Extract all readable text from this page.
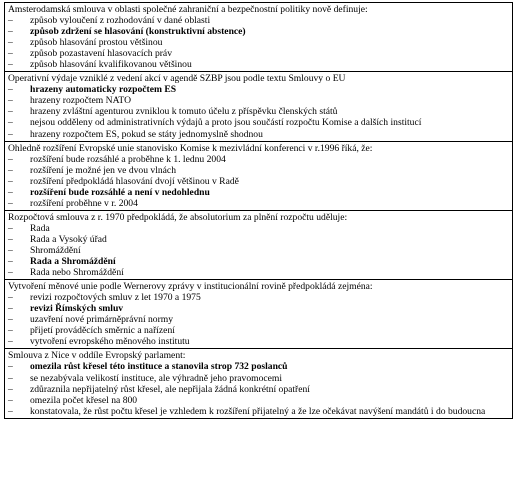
Amsterodamská smlouva v oblasti společné zahraniční a bezpečnostní politiky nově definuje:
– způsob vyloučení z rozhodování v dané oblasti
– způsob zdržení se hlasování (konstruktivní abstence)
– způsob hlasování prostou většinou
– způsob pozastavení hlasovacích práv
– způsob hlasování kvalifikovanou většinou

Operativní výdaje vzniklé z vedení akcí v agendě SZBP jsou podle textu Smlouvy o EU
– hrazeny automaticky rozpočtem ES
– hrazeny rozpočtem NATO
– hrazeny zvláštní agenturou zvniklou k tomuto účelu z příspěvku členských států
– nejsou odděleny od administrativních výdajů a proto jsou součástí rozpočtu Komise a dalších institucí
– hrazeny rozpočtem ES, pokud se státy jednomyslně shodnou

Ohledně rozšíření Evropské unie stanovisko Komise k mezivládní konferenci v r.1996 říká, že:
– rozšíření bude rozsáhlé a proběhne k 1. lednu 2004
– rozšíření je možné jen ve dvou vlnách
– rozšíření předpokládá hlasování dvojí většinou v Radě
– rozšíření bude rozsáhlé a není v nedohlednu
– rozšíření proběhne v r. 2004

Rozpočtová smlouva z r. 1970 předpokládá, že absolutorium za plnění rozpočtu uděluje:
– Rada
– Rada a Vysoký úřad
– Shromáždění
– Rada a Shromáždění
– Rada nebo Shromáždění

Vytvoření měnové unie podle Wernerovy zprávy v institucionální rovině předpokládá zejména:
– revizi rozpočtových smluv z let 1970 a 1975
– revizi Římských smluv
– uzavření nové primárněprávní normy
– přijetí prováděcích směrnic a nařízení
– vytvoření evropského měnového institutu

Smlouva z Nice v oddíle Evropský parlament:
– omezila růst křesel této instituce a stanovila strop 732 poslanců
– se nezabývala velikostí instituce, ale výhradně jeho pravomocemi
– zdůraznila nepřijatelný růst křesel, ale nepřijala žádná konkrétní opatření
– omezila počet křesel na 800
– konstatovala, že růst počtu křesel je vzhledem k rozšíření přijatelný a že lze očekávat navýšení mandátů i do budoucna
